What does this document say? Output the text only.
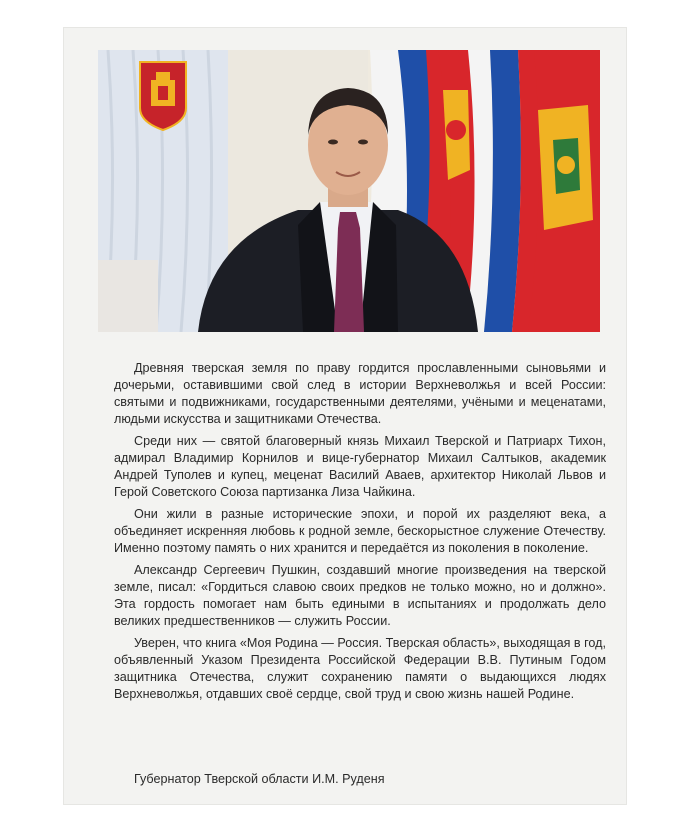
Древняя тверская земля по праву гордится прославленными сыновьями и дочерьми, оставившими свой след в истории Верхневолжья и всей России: святыми и подвижниками, государственными деятелями, учёными и меценатами, людьми искусства и защитниками Отечества.

Среди них — святой благоверный князь Михаил Тверской и Патриарх Тихон, адмирал Владимир Корнилов и вице-губернатор Михаил Салтыков, академик Андрей Туполев и купец, меценат Василий Аваев, архитектор Николай Львов и Герой Советского Союза партизанка Лиза Чайкина.

Они жили в разные исторические эпохи, и порой их разделяют века, а объединяет искренняя любовь к родной земле, бескорыстное служение Отечеству. Именно поэтому память о них хранится и передаётся из поколения в поколение.

Александр Сергеевич Пушкин, создавший многие произведения на тверской земле, писал: «Гордиться славою своих предков не только можно, но и должно». Эта гордость помогает нам быть едиными в испытаниях и продолжать дело великих предшественников — служить России.

Уверен, что книга «Моя Родина — Россия. Тверская область», выходящая в год, объявленный Указом Президента Российской Федерации В.В. Путиным Годом защитника Отечества, служит сохранению памяти о выдающихся людях Верхневолжья, отдавших своё сердце, свой труд и свою жизнь нашей Родине.

Губернатор Тверской области И.М. Руденя
